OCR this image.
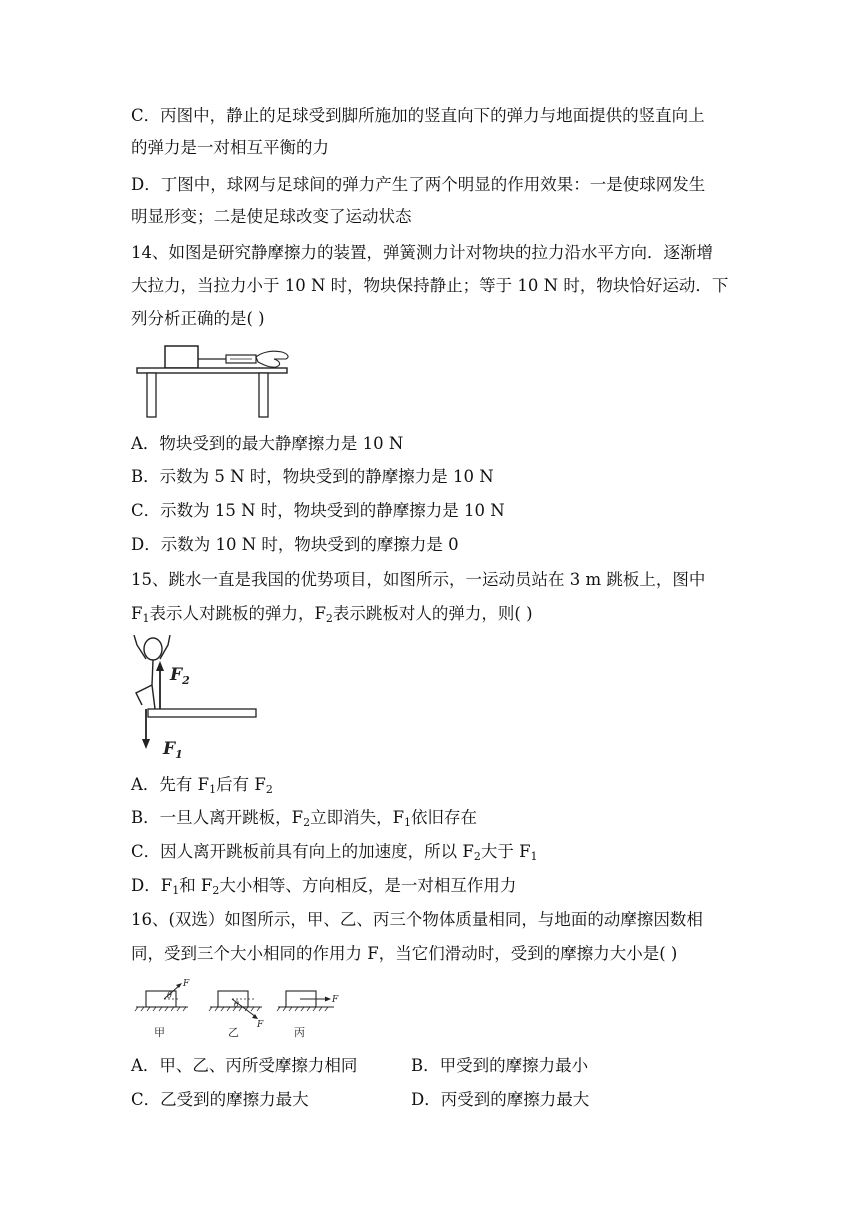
C．丙图中，静止的足球受到脚所施加的竖直向下的弹力与地面提供的竖直向上
的弹力是一对相互平衡的力
D．丁图中，球网与足球间的弹力产生了两个明显的作用效果：一是使球网发生
明显形变；二是使足球改变了运动状态
14、如图是研究静摩擦力的装置，弹簧测力计对物块的拉力沿水平方向．逐渐增
大拉力，当拉力小于 10 N 时，物块保持静止；等于 10 N 时，物块恰好运动．下
列分析正确的是( )
A．物块受到的最大静摩擦力是 10 N
B．示数为 5 N 时，物块受到的静摩擦力是 10 N
C．示数为 15 N 时，物块受到的静摩擦力是 10 N
D．示数为 10 N 时，物块受到的摩擦力是 0
15、跳水一直是我国的优势项目，如图所示，一运动员站在 3 m 跳板上，图中
$F_1$表示人对跳板的弹力，$F_2$表示跳板对人的弹力，则( )
$F_2$
$F_1$
A．先有 $F_1$后有 $F_2$
B．一旦人离开跳板，$F_2$立即消失，$F_1$依旧存在
C．因人离开跳板前具有向上的加速度，所以 $F_2$大于 $F_1$
D．$F_1$和 $F_2$大小相等、方向相反，是一对相互作用力
16、(双选）如图所示，甲、乙、丙三个物体质量相同，与地面的动摩擦因数相
同，受到三个大小相同的作用力 F，当它们滑动时，受到的摩擦力大小是( )
F
θ
甲
F
θ
乙
F
丙
A．甲、乙、丙所受摩擦力相同	B．甲受到的摩擦力最小
C．乙受到的摩擦力最大	D．丙受到的摩擦力最大
